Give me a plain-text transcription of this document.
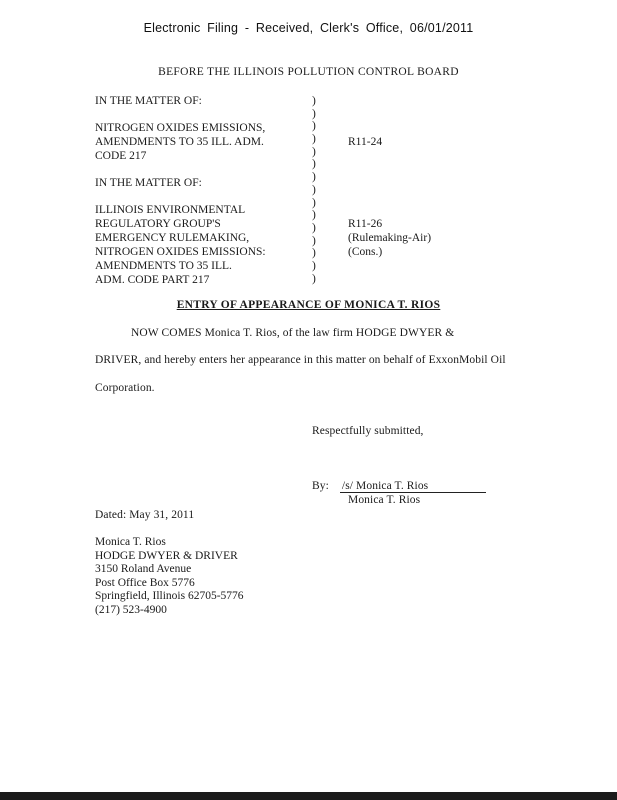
Electronic Filing - Received, Clerk's Office, 06/01/2011
BEFORE THE ILLINOIS POLLUTION CONTROL BOARD
IN THE MATTER OF:
NITROGEN OXIDES EMISSIONS,
AMENDMENTS TO 35 ILL. ADM.
CODE 217
R11-24
IN THE MATTER OF:
ILLINOIS ENVIRONMENTAL
REGULATORY GROUP'S
EMERGENCY RULEMAKING,
NITROGEN OXIDES EMISSIONS:
AMENDMENTS TO 35 ILL.
ADM. CODE PART 217
R11-26
(Rulemaking-Air)
(Cons.)
)
)
)
)
)
)
)
)
)
)
)
)
)
)
)
ENTRY OF APPEARANCE OF MONICA T. RIOS
NOW COMES Monica T. Rios, of the law firm HODGE DWYER &
DRIVER, and hereby enters her appearance in this matter on behalf of ExxonMobil Oil
Corporation.
Respectfully submitted,
By: /s/ Monica T. Rios
Monica T. Rios
Dated: May 31, 2011
Monica T. Rios
HODGE DWYER & DRIVER
3150 Roland Avenue
Post Office Box 5776
Springfield, Illinois 62705-5776
(217) 523-4900
